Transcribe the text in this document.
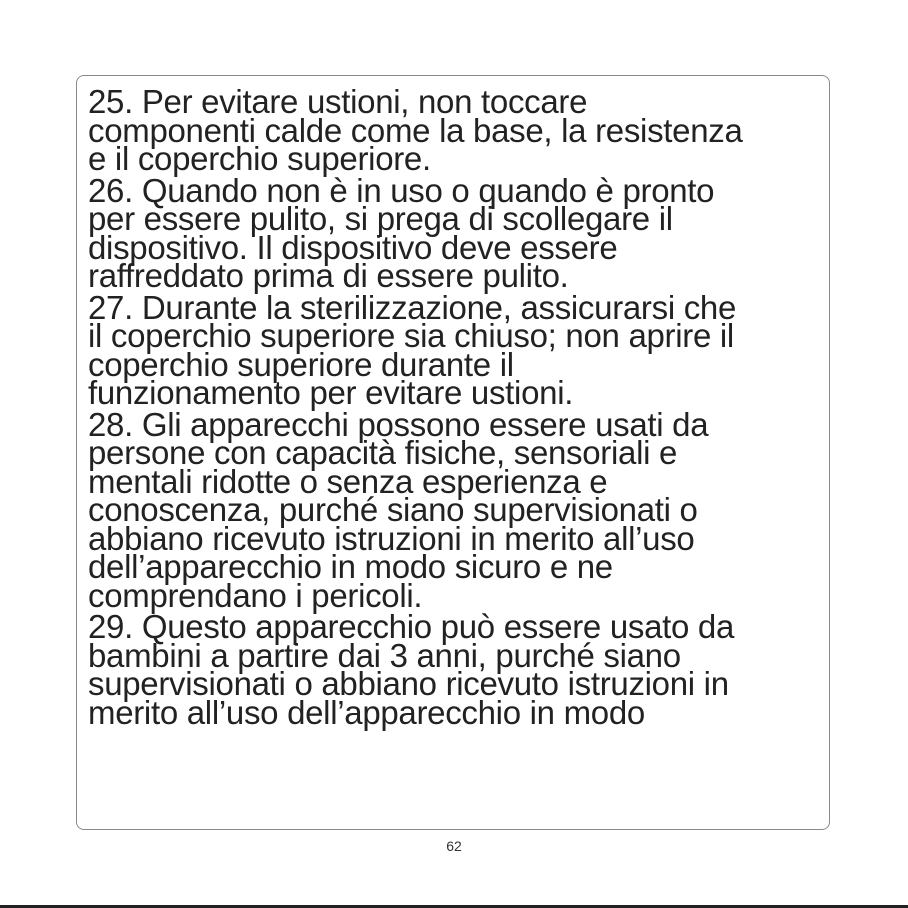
25. Per evitare ustioni, non toccare
componenti calde come la base, la resistenza
e il coperchio superiore.

26. Quando non è in uso o quando è pronto
per essere pulito, si prega di scollegare il
dispositivo. Il dispositivo deve essere
raffreddato prima di essere pulito.

27. Durante la sterilizzazione, assicurarsi che
il coperchio superiore sia chiuso; non aprire il
coperchio superiore durante il
funzionamento per evitare ustioni.

28. Gli apparecchi possono essere usati da
persone con capacità fisiche, sensoriali e
mentali ridotte o senza esperienza e
conoscenza, purché siano supervisionati o
abbiano ricevuto istruzioni in merito all’uso
dell’apparecchio in modo sicuro e ne
comprendano i pericoli.

29. Questo apparecchio può essere usato da
bambini a partire dai 3 anni, purché siano
supervisionati o abbiano ricevuto istruzioni in
merito all’uso dell’apparecchio in modo

62
